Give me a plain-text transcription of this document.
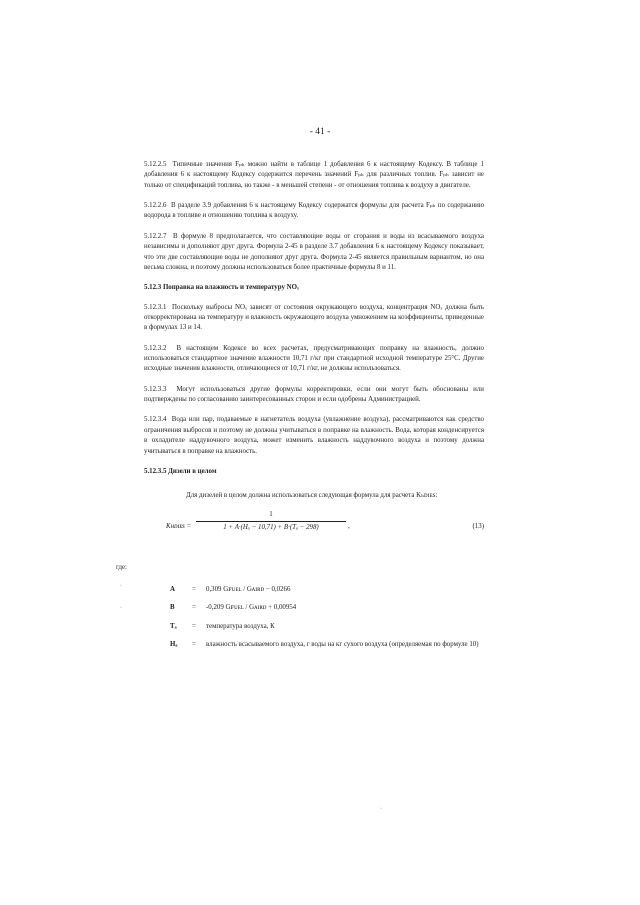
- 41 -

5.12.2.5 Типичные значения Fₚₕ можно найти в таблице 1 добавления 6 к настоящему Кодексу. В таблице 1 добавления 6 к настоящему Кодексу содержится перечень значений Fₚₕ для различных топлив. Fₚₕ зависит не только от спецификаций топлива, но также - в меньшей степени - от отношения топлива к воздуху в двигателе.

5.12.2.6 В разделе 3.9 добавления 6 к настоящему Кодексу содержатся формулы для расчета Fₚₕ по содержанию водорода в топливе и отношению топлива к воздуху.

5.12.2.7 В формуле 8 предполагается, что составляющие воды от сгорания и воды из всасываемого воздуха независимы и дополняют друг друга. Формула 2-45 в разделе 3.7 добавления 6 к настоящему Кодексу показывает, что эти две составляющие воды не дополняют друг друга. Формула 2-45 является правильным вариантом, но она весьма сложна, и поэтому должны использоваться более практичные формулы 8 и 11.

5.12.3 Поправка на влажность и температуру NOₓ

5.12.3.1 Поскольку выбросы NOₓ зависят от состояния окружающего воздуха, концентрация NOₓ должна быть откорректирована на температуру и влажность окружающего воздуха умножением на коэффициенты, приведенные в формулах 13 и 14.

5.12.3.2 В настоящем Кодексе во всех расчетах, предусматривающих поправку на влажность, должно использоваться стандартное значение влажности 10,71 г/кг при стандартной исходной температуре 25°С. Другие исходные значения влажности, отличающиеся от 10,71 г/кг, не должны использоваться.

5.12.3.3 Могут использоваться другие формулы корректировки, если они могут быть обоснованы или подтверждены по согласованию заинтересованных сторон и если одобрены Администрацией.

5.12.3.4 Вода или пар, подаваемые в нагнетатель воздуха (увлажнение воздуха), рассматриваются как средство ограничения выбросов и поэтому не должны учитываться в поправке на влажность. Вода, которая конденсируется в охладителе наддувочного воздуха, может изменить влажность наддувочного воздуха и поэтому должна учитываться в поправке на влажность.

5.12.3.5 Дизели в целом
Для дизелей в целом должна использоваться следующая формула для расчета Kₕᴅɪᴇs:
Kʜᴅɪᴇs =
1
1 + A·(Hₐ − 10,71) + B·(Tₐ − 298)	,	(13)
где:
A	=	0,309 Gꜰᴜᴇʟ / Gᴀɪʀᴅ − 0,0266
B	=	-0,209 Gꜰᴜᴇʟ / Gᴀɪʀᴅ + 0,00954
Tₐ	=	температура воздуха, К
Hₐ	=	влажность всасываемого воздуха, г воды на кг сухого воздуха (определяемая по формуле 10)
·
·
·
